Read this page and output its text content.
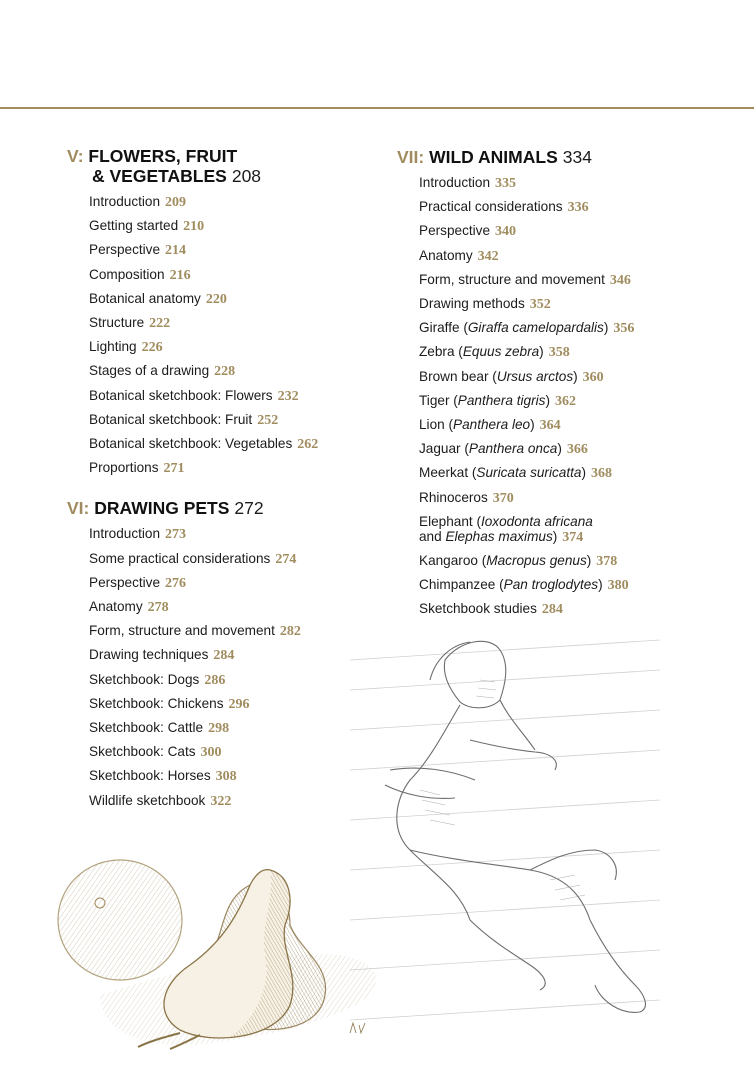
V: FLOWERS, FRUIT
& VEGETABLES 208
Introduction 209
Getting started 210
Perspective 214
Composition 216
Botanical anatomy 220
Structure 222
Lighting 226
Stages of a drawing 228
Botanical sketchbook: Flowers 232
Botanical sketchbook: Fruit 252
Botanical sketchbook: Vegetables 262
Proportions 271
VI: DRAWING PETS 272
Introduction 273
Some practical considerations 274
Perspective 276
Anatomy 278
Form, structure and movement 282
Drawing techniques 284
Sketchbook: Dogs 286
Sketchbook: Chickens 296
Sketchbook: Cattle 298
Sketchbook: Cats 300
Sketchbook: Horses 308
Wildlife sketchbook 322
VII: WILD ANIMALS 334
Introduction 335
Practical considerations 336
Perspective 340
Anatomy 342
Form, structure and movement 346
Drawing methods 352
Giraffe (Giraffa camelopardalis) 356
Zebra (Equus zebra) 358
Brown bear (Ursus arctos) 360
Tiger (Panthera tigris) 362
Lion (Panthera leo) 364
Jaguar (Panthera onca) 366
Meerkat (Suricata suricatta) 368
Rhinoceros 370
Elephant (Ioxodonta africana
and Elephas maximus) 374
Kangaroo (Macropus genus) 378
Chimpanzee (Pan troglodytes) 380
Sketchbook studies 284
